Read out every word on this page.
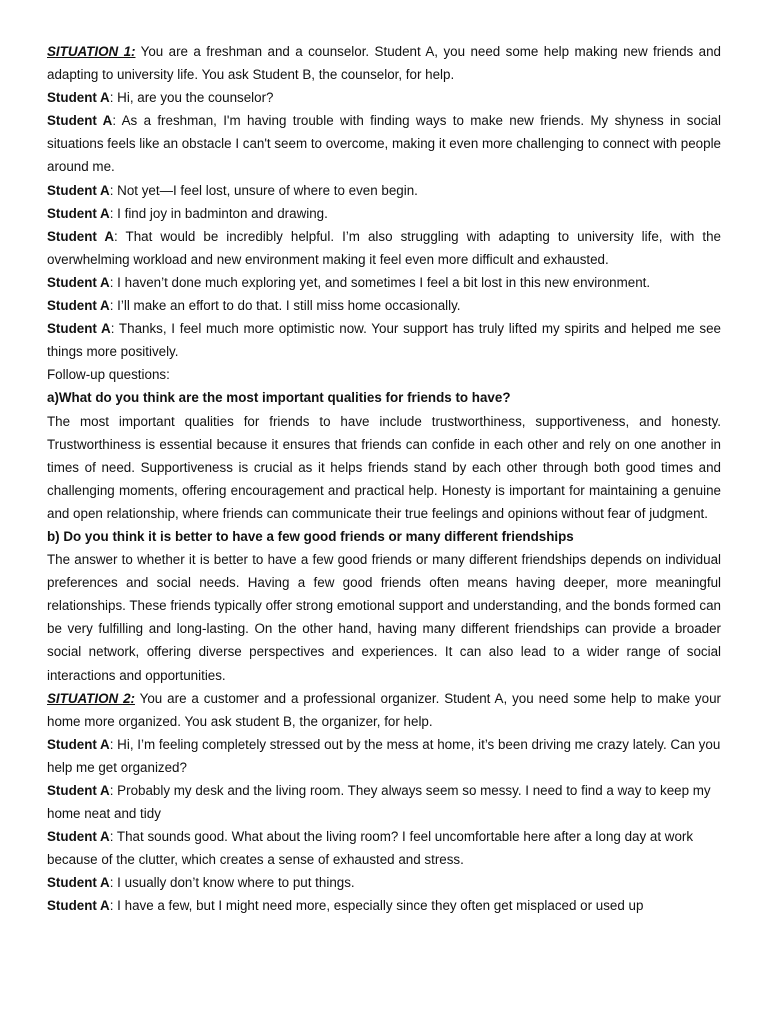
SITUATION 1: You are a freshman and a counselor. Student A, you need some help making new friends and adapting to university life. You ask Student B, the counselor, for help.

Student A: Hi, are you the counselor?

Student A: As a freshman, I'm having trouble with finding ways to make new friends. My shyness in social situations feels like an obstacle I can't seem to overcome, making it even more challenging to connect with people around me.

Student A: Not yet—I feel lost, unsure of where to even begin.

Student A: I find joy in badminton and drawing.

Student A: That would be incredibly helpful. I’m also struggling with adapting to university life, with the overwhelming workload and new environment making it feel even more difficult and exhausted.

Student A: I haven’t done much exploring yet, and sometimes I feel a bit lost in this new environment.

Student A: I’ll make an effort to do that. I still miss home occasionally.

Student A: Thanks, I feel much more optimistic now. Your support has truly lifted my spirits and helped me see things more positively.

Follow-up questions:

a)What do you think are the most important qualities for friends to have?

The most important qualities for friends to have include trustworthiness, supportiveness, and honesty. Trustworthiness is essential because it ensures that friends can confide in each other and rely on one another in times of need. Supportiveness is crucial as it helps friends stand by each other through both good times and challenging moments, offering encouragement and practical help. Honesty is important for maintaining a genuine and open relationship, where friends can communicate their true feelings and opinions without fear of judgment.

b) Do you think it is better to have a few good friends or many different friendships

The answer to whether it is better to have a few good friends or many different friendships depends on individual preferences and social needs. Having a few good friends often means having deeper, more meaningful relationships. These friends typically offer strong emotional support and understanding, and the bonds formed can be very fulfilling and long-lasting. On the other hand, having many different friendships can provide a broader social network, offering diverse perspectives and experiences. It can also lead to a wider range of social interactions and opportunities.

SITUATION 2: You are a customer and a professional organizer. Student A, you need some help to make your home more organized. You ask student B, the organizer, for help.

Student A: Hi, I’m feeling completely stressed out by the mess at home, it’s been driving me crazy lately. Can you help me get organized?

Student A: Probably my desk and the living room. They always seem so messy. I need to find a way to keep my home neat and tidy

Student A: That sounds good. What about the living room? I feel uncomfortable here after a long day at work because of the clutter, which creates a sense of exhausted and stress.

Student A: I usually don’t know where to put things.

Student A: I have a few, but I might need more, especially since they often get misplaced or used up
